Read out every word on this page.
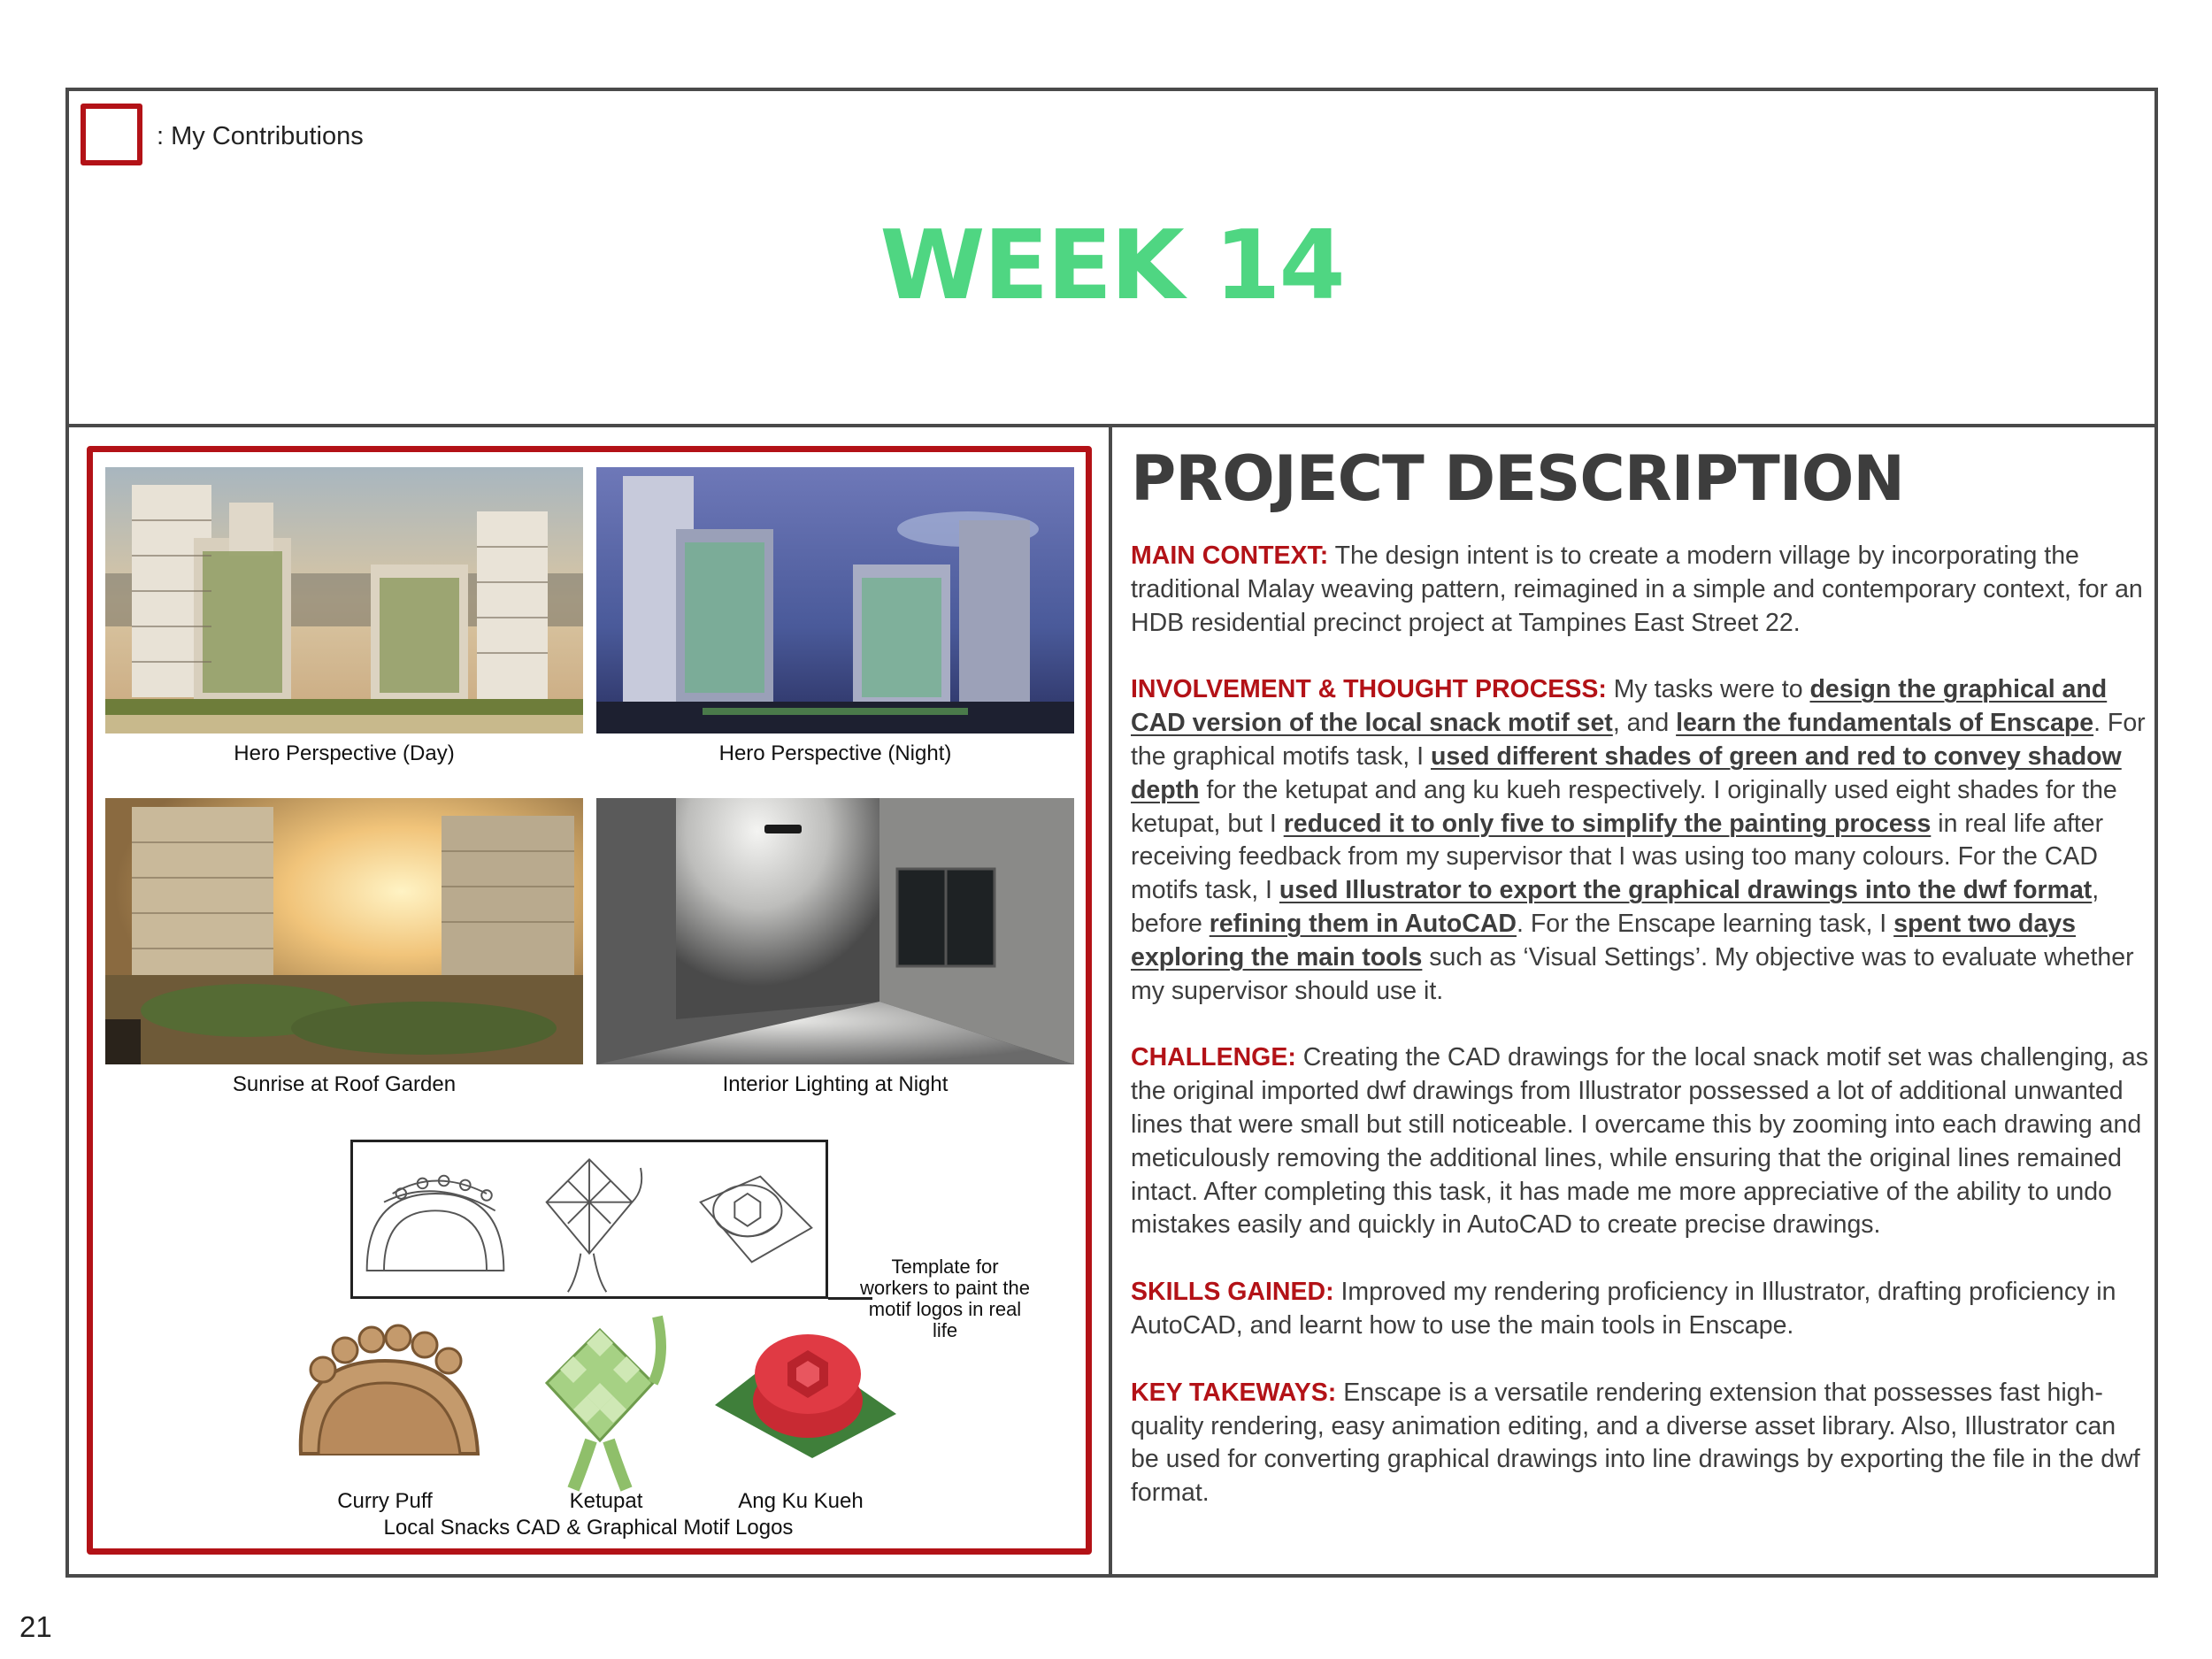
: My Contributions
WEEK 14
Hero Perspective (Day)	Hero Perspective (Night)
Sunrise at Roof Garden	Interior Lighting at Night
Template for workers to paint the motif logos in real life
Curry Puff	Ketupat	Ang Ku Kueh
Local Snacks CAD & Graphical Motif Logos
PROJECT DESCRIPTION

MAIN CONTEXT: The design intent is to create a modern village by incorporating the traditional Malay weaving pattern, reimagined in a simple and contemporary context, for an HDB residential precinct project at Tampines East Street 22.

INVOLVEMENT & THOUGHT PROCESS: My tasks were to design the graphical and CAD version of the local snack motif set, and learn the fundamentals of Enscape. For the graphical motifs task, I used different shades of green and red to convey shadow depth for the ketupat and ang ku kueh respectively. I originally used eight shades for the ketupat, but I reduced it to only five to simplify the painting process in real life after receiving feedback from my supervisor that I was using too many colours. For the CAD motifs task, I used Illustrator to export the graphical drawings into the dwf format, before refining them in AutoCAD. For the Enscape learning task, I spent two days exploring the main tools such as ‘Visual Settings’. My objective was to evaluate whether my supervisor should use it.

CHALLENGE: Creating the CAD drawings for the local snack motif set was challenging, as the original imported dwf drawings from Illustrator possessed a lot of additional unwanted lines that were small but still noticeable. I overcame this by zooming into each drawing and meticulously removing the additional lines, while ensuring that the original lines remained intact. After completing this task, it has made me more appreciative of the ability to undo mistakes easily and quickly in AutoCAD to create precise drawings.

SKILLS GAINED: Improved my rendering proficiency in Illustrator, drafting proficiency in AutoCAD, and learnt how to use the main tools in Enscape.

KEY TAKEWAYS: Enscape is a versatile rendering extension that possesses fast high-quality rendering, easy animation editing, and a diverse asset library. Also, Illustrator can be used for converting graphical drawings into line drawings by exporting the file in the dwf format.

21
